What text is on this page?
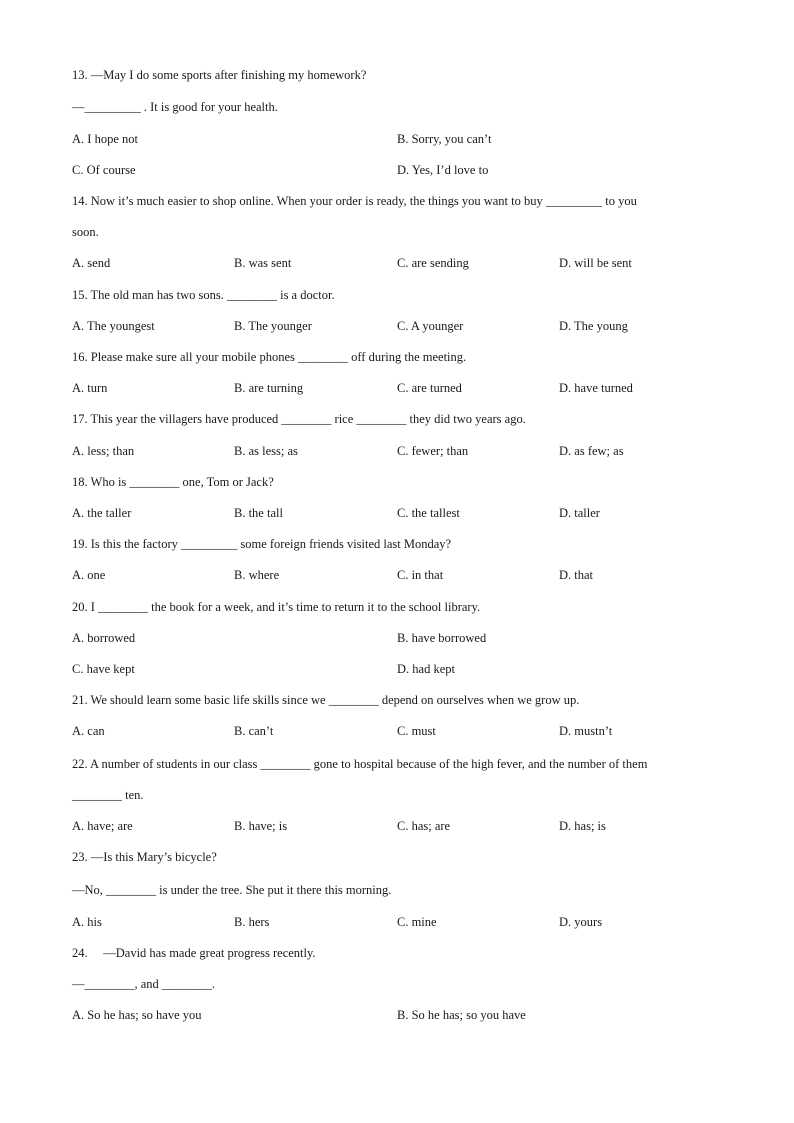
13. —May I do some sports after finishing my homework?
—_________ . It is good for your health.
A. I hope not	B. Sorry, you can’t
C. Of course	D. Yes, I’d love to
14. Now it’s much easier to shop online. When your order is ready, the things you want to buy _________ to you
soon.
A. send	B. was sent	C. are sending	D. will be sent
15. The old man has two sons. ________ is a doctor.
A. The youngest	B. The younger	C. A younger	D. The young
16. Please make sure all your mobile phones ________ off during the meeting.
A. turn	B. are turning	C. are turned	D. have turned
17. This year the villagers have produced ________ rice ________ they did two years ago.
A. less; than	B. as less; as	C. fewer; than	D. as few; as
18. Who is ________ one, Tom or Jack?
A. the taller	B. the tall	C. the tallest	D. taller
19. Is this the factory _________ some foreign friends visited last Monday?
A. one	B. where	C. in that	D. that
20. I ________ the book for a week, and it’s time to return it to the school library.
A. borrowed	B. have borrowed
C. have kept	D. had kept
21. We should learn some basic life skills since we ________ depend on ourselves when we grow up.
A. can	B. can’t	C. must	D. mustn’t
22. A number of students in our class ________ gone to hospital because of the high fever, and the number of them
________ ten.
A. have; are	B. have; is	C. has; are	D. has; is
23. —Is this Mary’s bicycle?
—No, ________ is under the tree. She put it there this morning.
A. his	B. hers	C. mine	D. yours
24.     —David has made great progress recently.
—________, and ________.
A. So he has; so have you	B. So he has; so you have
